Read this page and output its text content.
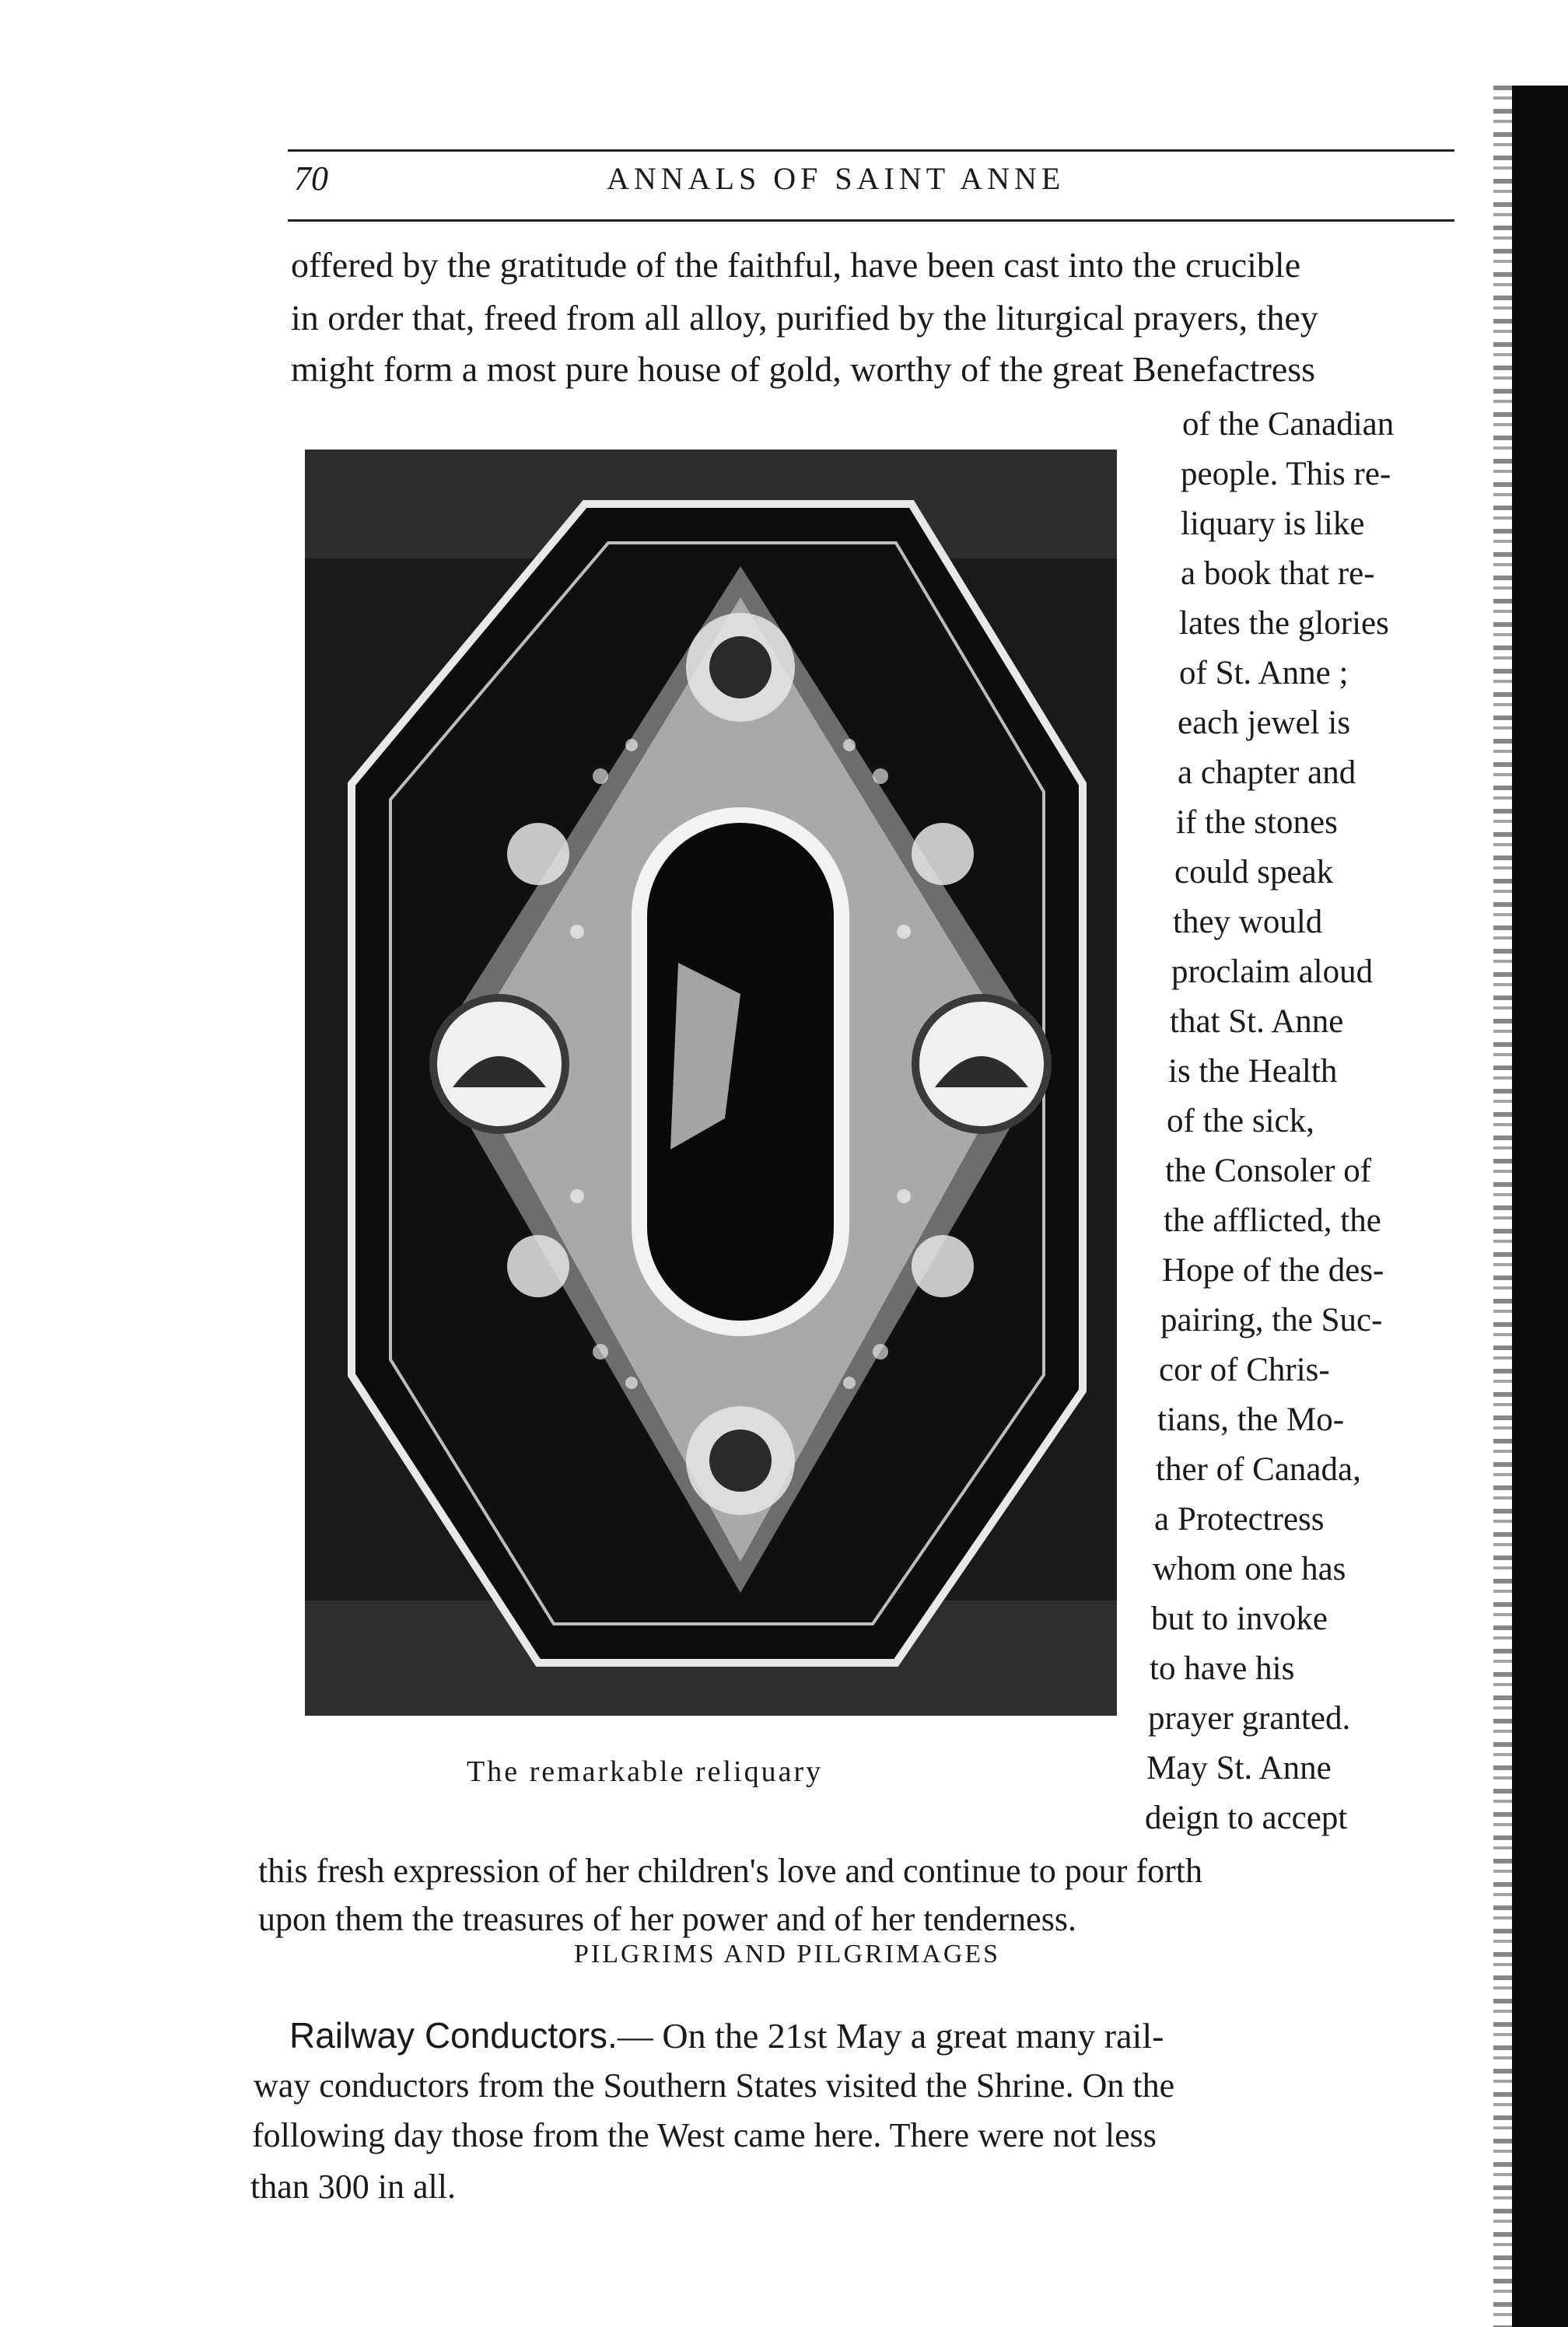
70	ANNALS OF SAINT ANNE
offered by the gratitude of the faithful, have been cast into the crucible
in order that, freed from all alloy, purified by the liturgical prayers, they
might form a most pure house of gold, worthy of the great Benefactress
of the Canadian
people. This re-
liquary is like
a book that re-
lates the glories
of St. Anne ;
each jewel is
a chapter and
if the stones
could speak
they would
proclaim aloud
that St. Anne
is the Health
of the sick,
the Consoler of
the afflicted, the
Hope of the des-
pairing, the Suc-
cor of Chris-
tians, the Mo-
ther of Canada,
a Protectress
whom one has
but to invoke
to have his
prayer granted.
May St. Anne
deign to accept
The remarkable reliquary
this fresh expression of her children's love and continue to pour forth
upon them the treasures of her power and of her tenderness.
PILGRIMS AND PILGRIMAGES
Railway Conductors.— On the 21st May a great many rail-
way conductors from the Southern States visited the Shrine. On the
following day those from the West came here. There were not less
than 300 in all.
